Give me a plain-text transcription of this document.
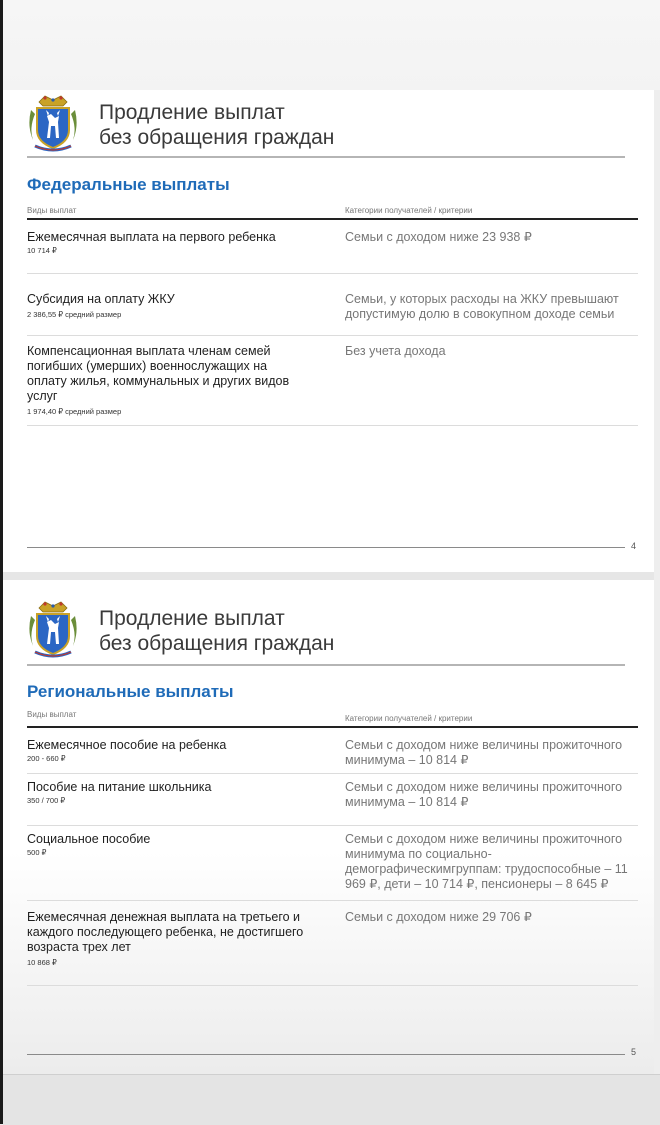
Продление выплат
без обращения граждан
Федеральные выплаты
Виды выплат	Категории получателей / критерии
Ежемесячная выплата на первого ребенка
10 714 ₽
Семьи с доходом ниже 23 938 ₽
Субсидия на оплату ЖКУ
2 386,55 ₽ средний размер
Семьи, у которых расходы на ЖКУ превышают допустимую долю в совокупном доходе семьи
Компенсационная выплата членам семей погибших (умерших) военнослужащих на оплату жилья, коммунальных и других видов услуг
1 974,40 ₽ средний размер
Без учета дохода
4
Продление выплат
без обращения граждан
Региональные выплаты
Виды выплат	Категории получателей / критерии
Ежемесячное пособие на ребенка
200 - 660 ₽
Семьи с доходом ниже величины прожиточного минимума – 10 814 ₽
Пособие на питание школьника
350 / 700 ₽
Семьи с доходом ниже величины прожиточного минимума – 10 814 ₽
Социальное пособие
500 ₽
Семьи с доходом ниже величины прожиточного минимума по социально-демографическимгруппам: трудоспособные – 11 969 ₽, дети – 10 714 ₽, пенсионеры – 8 645 ₽
Ежемесячная денежная выплата на третьего и каждого последующего ребенка, не достигшего возраста трех лет
10 868 ₽
Семьи с доходом ниже 29 706 ₽
5
